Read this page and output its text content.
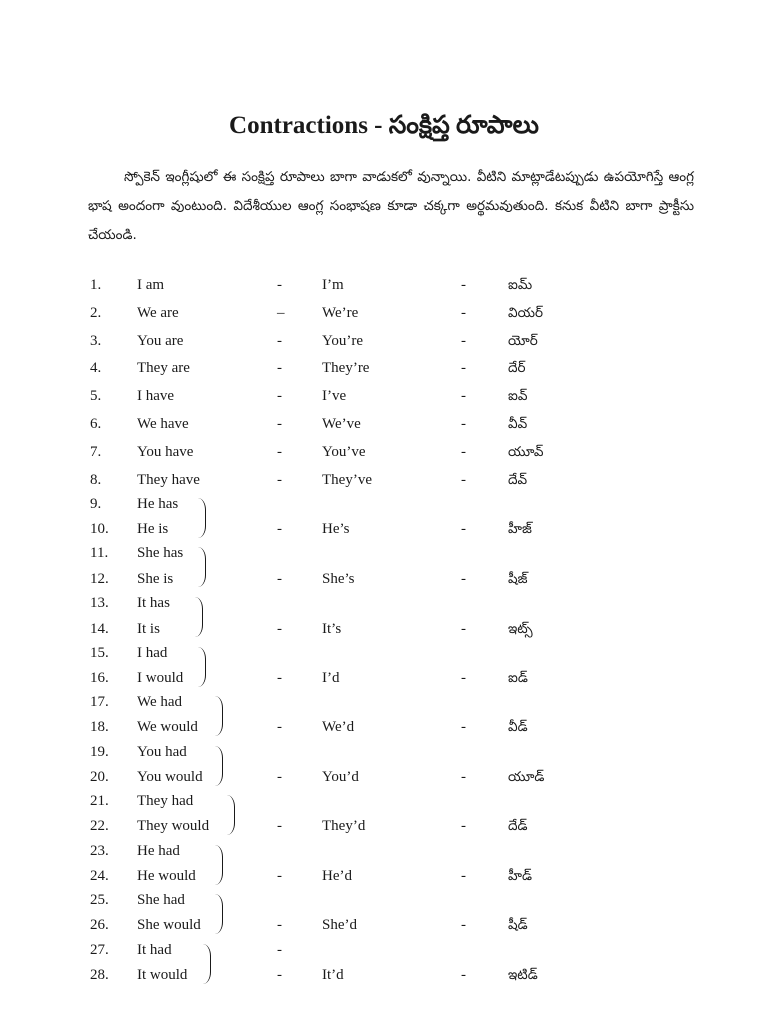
Contractions - సంక్షిప్త రూపాలు
స్పోకెన్ ఇంగ్లీషులో ఈ సంక్షిప్త రూపాలు బాగా వాడుకలో వున్నాయి. వీటిని మాట్లాడేటప్పుడు ఉపయోగిస్తే ఆంగ్ల భాష అందంగా వుంటుంది. విదేశీయుల ఆంగ్ల సంభాషణ కూడా చక్కగా అర్థమవుతుంది. కనుక వీటిని బాగా ప్రాక్టీసు చేయండి.
1. I am	-	I’m	-	ఐమ్
2. We are	–	We’re	-	వియర్
3. You are	-	You’re	-	యోర్
4. They are	-	They’re	-	దేర్
5. I have	-	I’ve	-	ఐవ్
6. We have	-	We’ve	-	వీవ్
7. You have	-	You’ve	-	యూవ్
8. They have	-	They’ve	-	దేవ్
9. He has
10. He is	-	He’s	-	హీజ్
11. She has
12. She is	-	She’s	-	షీజ్
13. It has
14. It is	-	It’s	-	ఇట్స్
15. I had
16. I would	-	I’d	-	ఐడ్
17. We had
18. We would	-	We’d	-	వీడ్
19. You had
20. You would	-	You’d	-	యూడ్
21. They had
22. They would	-	They’d	-	దేడ్
23. He had
24. He would	-	He’d	-	హీడ్
25. She had
26. She would	-	She’d	-	షీడ్
27. It had	-
28. It would	-	It’d	-	ఇటిడ్
